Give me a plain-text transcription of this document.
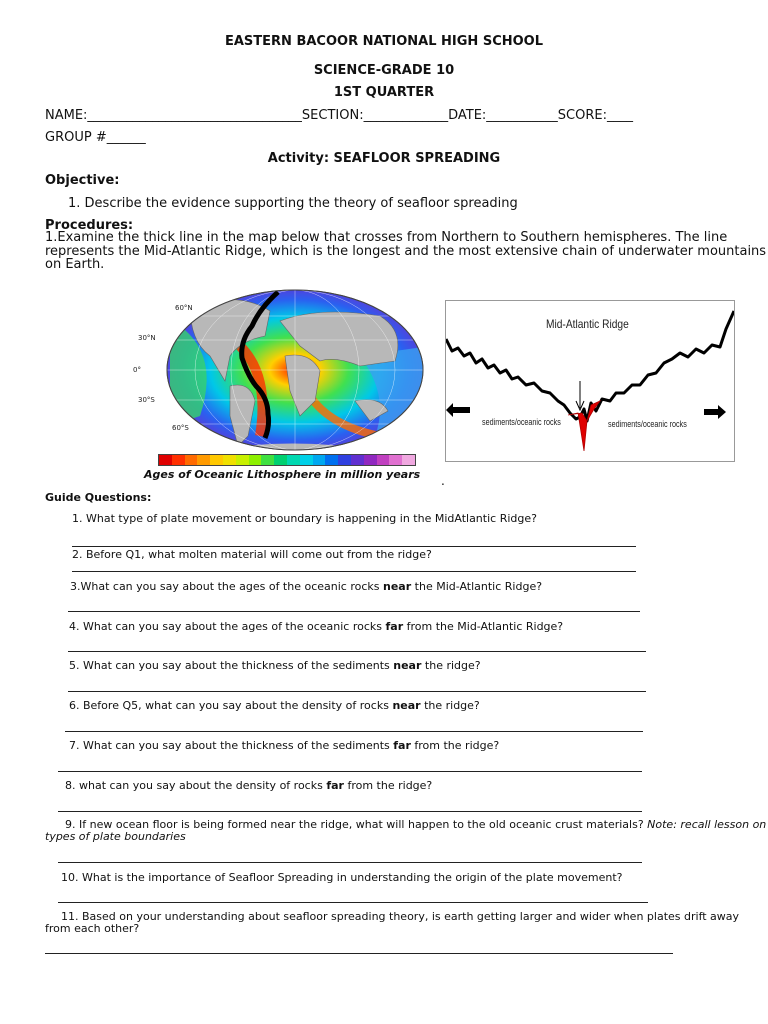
EASTERN BACOOR NATIONAL HIGH SCHOOL
SCIENCE-GRADE 10
1ST QUARTER
NAME:_________________________________SECTION:_____________DATE:___________SCORE:____
GROUP #______
Activity: SEAFLOOR SPREADING
Objective:
1. Describe the evidence supporting the theory of seafloor spreading
Procedures:
1.Examine the thick line in the map below that crosses from Northern to Southern hemispheres. The line represents the Mid-Atlantic Ridge, which is the longest and the most extensive chain of underwater mountains on Earth.
60°N
30°N
0°
30°S
60°S
Ages of Oceanic Lithosphere in million years
Mid-Atlantic Ridge
sediments/oceanic rocks	sediments/oceanic rocks
.
Guide Questions:
1. What type of plate movement or boundary is happening in the MidAtlantic Ridge?
2. Before Q1, what molten material will come out from the ridge?
3.What can you say about the ages of the oceanic rocks near the Mid-Atlantic Ridge?
4. What can you say about the ages of the oceanic rocks far from the Mid-Atlantic Ridge?
5. What can you say about the thickness of the sediments near the ridge?
6. Before Q5, what can you say about the density of rocks near the ridge?
7. What can you say about the thickness of the sediments far from the ridge?
8. what can you say about the density of rocks far from the ridge?
9. If new ocean floor is being formed near the ridge, what will happen to the old oceanic crust materials? Note: recall lesson on types of plate boundaries
10. What is the importance of Seafloor Spreading in understanding the origin of the plate movement?
11. Based on your understanding about seafloor spreading theory, is earth getting larger and wider when plates drift away from each other?
